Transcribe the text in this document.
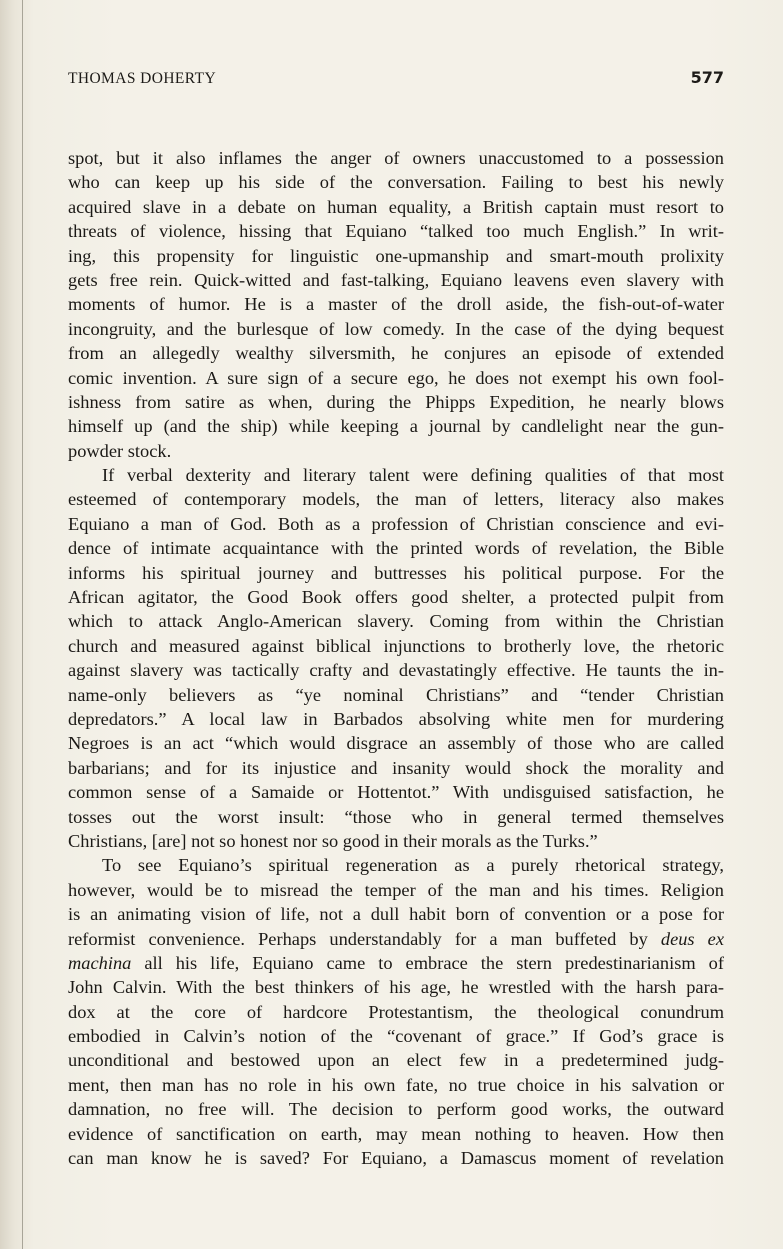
THOMAS DOHERTY	577
spot, but it also inflames the anger of owners unaccustomed to a possession
who can keep up his side of the conversation. Failing to best his newly
acquired slave in a debate on human equality, a British captain must resort to
threats of violence, hissing that Equiano “talked too much English.” In writ-
ing, this propensity for linguistic one-upmanship and smart-mouth prolixity
gets free rein. Quick-witted and fast-talking, Equiano leavens even slavery with
moments of humor. He is a master of the droll aside, the fish-out-of-water
incongruity, and the burlesque of low comedy. In the case of the dying bequest
from an allegedly wealthy silversmith, he conjures an episode of extended
comic invention. A sure sign of a secure ego, he does not exempt his own fool-
ishness from satire as when, during the Phipps Expedition, he nearly blows
himself up (and the ship) while keeping a journal by candlelight near the gun-
powder stock.
If verbal dexterity and literary talent were defining qualities of that most
esteemed of contemporary models, the man of letters, literacy also makes
Equiano a man of God. Both as a profession of Christian conscience and evi-
dence of intimate acquaintance with the printed words of revelation, the Bible
informs his spiritual journey and buttresses his political purpose. For the
African agitator, the Good Book offers good shelter, a protected pulpit from
which to attack Anglo-American slavery. Coming from within the Christian
church and measured against biblical injunctions to brotherly love, the rhetoric
against slavery was tactically crafty and devastatingly effective. He taunts the in-
name-only believers as “ye nominal Christians” and “tender Christian
depredators.” A local law in Barbados absolving white men for murdering
Negroes is an act “which would disgrace an assembly of those who are called
barbarians; and for its injustice and insanity would shock the morality and
common sense of a Samaide or Hottentot.” With undisguised satisfaction, he
tosses out the worst insult: “those who in general termed themselves
Christians, [are] not so honest nor so good in their morals as the Turks.”
To see Equiano’s spiritual regeneration as a purely rhetorical strategy,
however, would be to misread the temper of the man and his times. Religion
is an animating vision of life, not a dull habit born of convention or a pose for
reformist convenience. Perhaps understandably for a man buffeted by deus ex
machina all his life, Equiano came to embrace the stern predestinarianism of
John Calvin. With the best thinkers of his age, he wrestled with the harsh para-
dox at the core of hardcore Protestantism, the theological conundrum
embodied in Calvin’s notion of the “covenant of grace.” If God’s grace is
unconditional and bestowed upon an elect few in a predetermined judg-
ment, then man has no role in his own fate, no true choice in his salvation or
damnation, no free will. The decision to perform good works, the outward
evidence of sanctification on earth, may mean nothing to heaven. How then
can man know he is saved? For Equiano, a Damascus moment of revelation
